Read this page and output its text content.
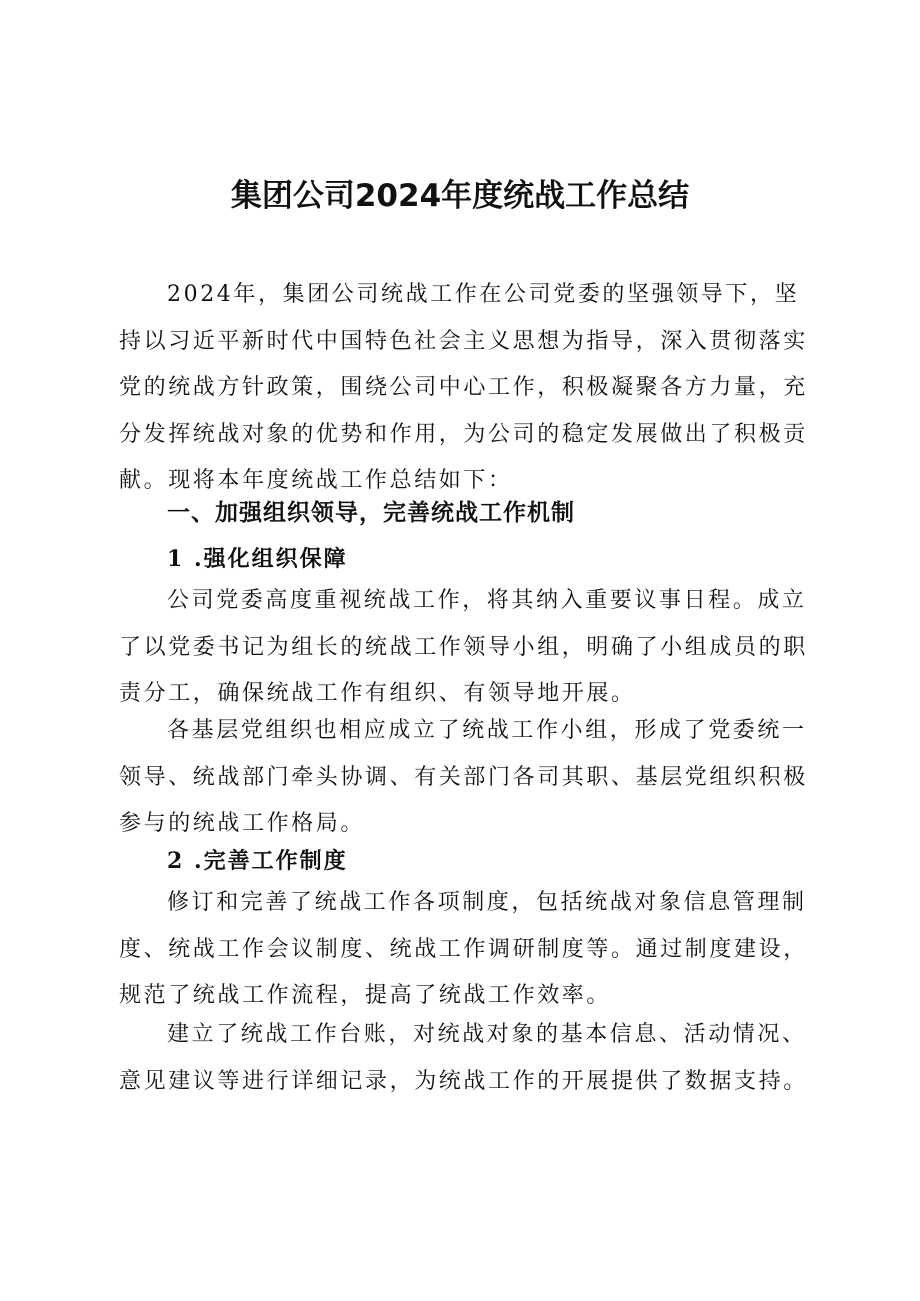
集团公司2024年度统战工作总结

2024年，集团公司统战工作在公司党委的坚强领导下，坚持以习近平新时代中国特色社会主义思想为指导，深入贯彻落实党的统战方针政策，围绕公司中心工作，积极凝聚各方力量，充分发挥统战对象的优势和作用，为公司的稳定发展做出了积极贡献。现将本年度统战工作总结如下：

一、加强组织领导，完善统战工作机制
1 .强化组织保障

公司党委高度重视统战工作，将其纳入重要议事日程。成立了以党委书记为组长的统战工作领导小组，明确了小组成员的职责分工，确保统战工作有组织、有领导地开展。

各基层党组织也相应成立了统战工作小组，形成了党委统一领导、统战部门牵头协调、有关部门各司其职、基层党组织积极参与的统战工作格局。

2 .完善工作制度

修订和完善了统战工作各项制度，包括统战对象信息管理制度、统战工作会议制度、统战工作调研制度等。通过制度建设，规范了统战工作流程，提高了统战工作效率。

建立了统战工作台账，对统战对象的基本信息、活动情况、意见建议等进行详细记录，为统战工作的开展提供了数据支持。
